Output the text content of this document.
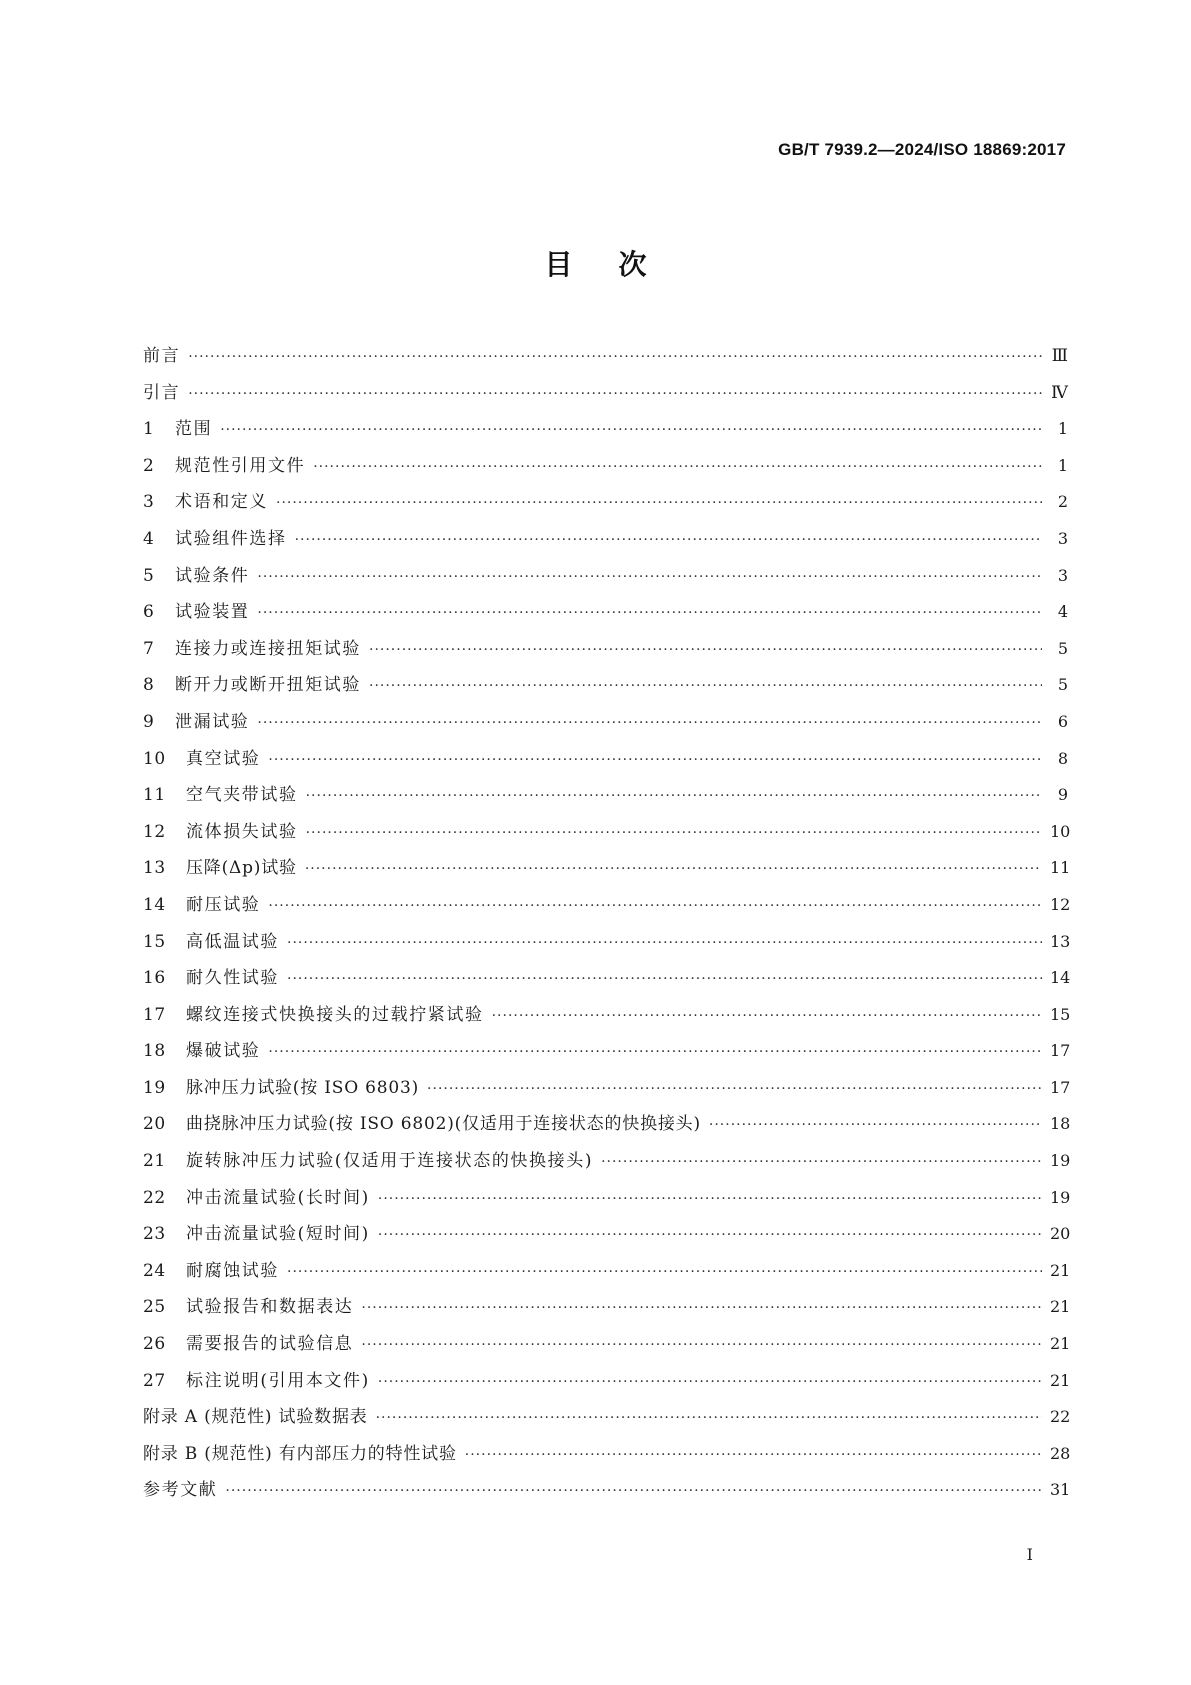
GB/T 7939.2—2024/ISO 18869:2017
目 次
前言 ·····	Ⅲ
引言 ·····	Ⅳ
1	范围 ·····	1
2	规范性引用文件 ·····	1
3	术语和定义 ·····	2
4	试验组件选择 ·····	3
5	试验条件 ·····	3
6	试验装置 ·····	4
7	连接力或连接扭矩试验 ·····	5
8	断开力或断开扭矩试验 ·····	5
9	泄漏试验 ·····	6
10	真空试验 ·····	8
11	空气夹带试验 ·····	9
12	流体损失试验 ·····	10
13	压降(Δp)试验 ·····	11
14	耐压试验 ·····	12
15	高低温试验 ·····	13
16	耐久性试验 ·····	14
17	螺纹连接式快换接头的过载拧紧试验 ·····	15
18	爆破试验 ·····	17
19	脉冲压力试验(按 ISO 6803) ·····	17
20	曲挠脉冲压力试验(按 ISO 6802)(仅适用于连接状态的快换接头) ·····	18
21	旋转脉冲压力试验(仅适用于连接状态的快换接头) ·····	19
22	冲击流量试验(长时间) ·····	19
23	冲击流量试验(短时间) ·····	20
24	耐腐蚀试验 ·····	21
25	试验报告和数据表达 ·····	21
26	需要报告的试验信息 ·····	21
27	标注说明(引用本文件) ·····	21
附录 A (规范性) 试验数据表 ·····	22
附录 B (规范性) 有内部压力的特性试验 ·····	28
参考文献 ·····	31
I
